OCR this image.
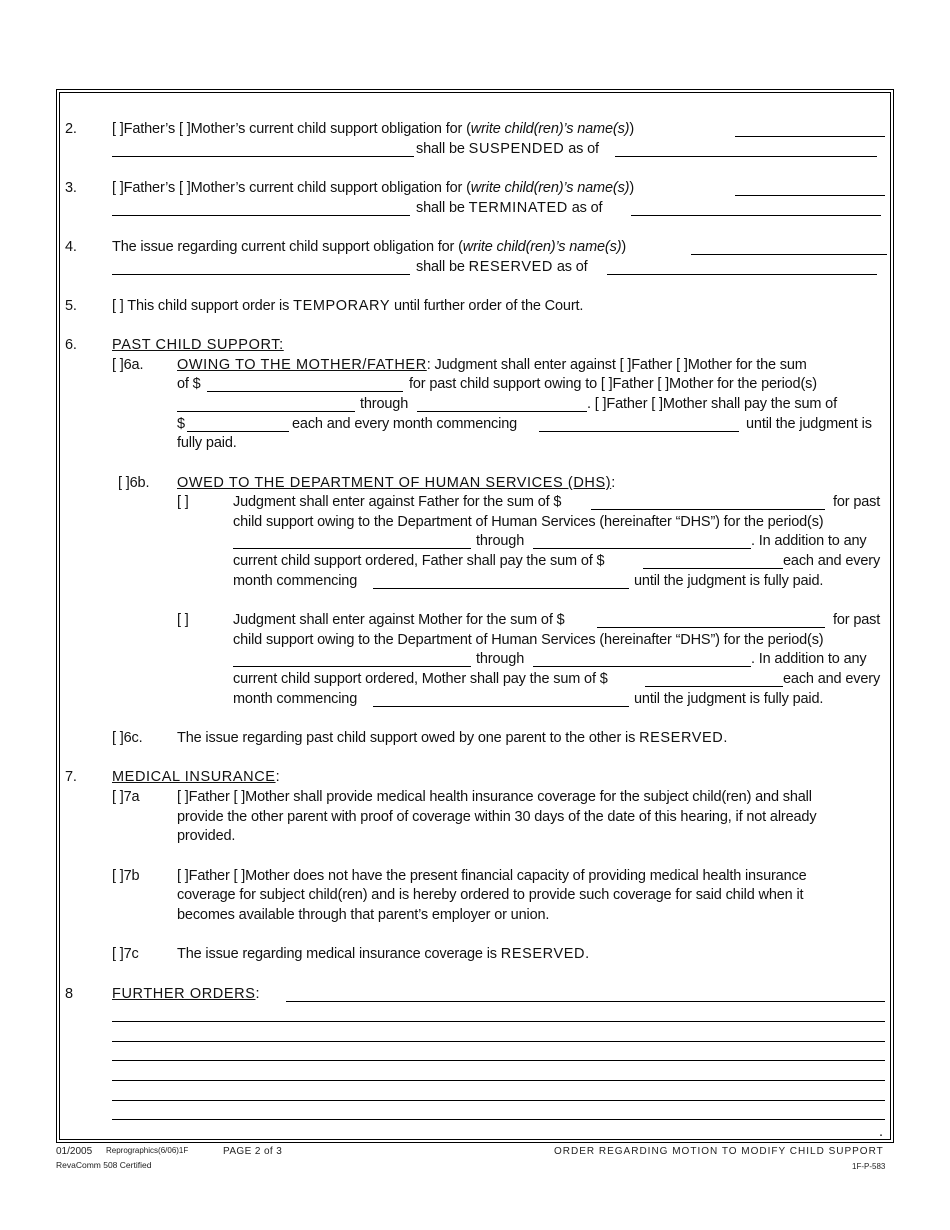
2. [ ]Father’s [ ]Mother’s current child support obligation for (write child(ren)’s name(s))
shall be SUSPENDED as of
3. [ ]Father’s [ ]Mother’s current child support obligation for (write child(ren)’s name(s))
shall be TERMINATED as of
4. The issue regarding current child support obligation for (write child(ren)’s name(s))
shall be RESERVED as of
5. [ ] This child support order is TEMPORARY until further order of the Court.
6. PAST CHILD SUPPORT:
[ ]6a. OWING TO THE MOTHER/FATHER: Judgment shall enter against [ ]Father [ ]Mother for the sum
of $	for past child support owing to [ ]Father [ ]Mother for the period(s)
through	. [ ]Father [ ]Mother shall pay the sum of
$	each and every month commencing	until the judgment is
fully paid.
[ ]6b. OWED TO THE DEPARTMENT OF HUMAN SERVICES (DHS):
[ ]	Judgment shall enter against Father for the sum of $	for past
child support owing to the Department of Human Services (hereinafter “DHS”) for the period(s)
through	. In addition to any
current child support ordered, Father shall pay the sum of $	each and every
month commencing	until the judgment is fully paid.
[ ]	Judgment shall enter against Mother for the sum of $	for past
child support owing to the Department of Human Services (hereinafter “DHS”) for the period(s)
through	. In addition to any
current child support ordered, Mother shall pay the sum of $	each and every
month commencing	until the judgment is fully paid.
[ ]6c. The issue regarding past child support owed by one parent to the other is RESERVED.
7. MEDICAL INSURANCE:
[ ]7a	[ ]Father [ ]Mother shall provide medical health insurance coverage for the subject child(ren) and shall
provide the other parent with proof of coverage within 30 days of the date of this hearing, if not already
provided.
[ ]7b	[ ]Father [ ]Mother does not have the present financial capacity of providing medical health insurance
coverage for subject child(ren) and is hereby ordered to provide such coverage for said child when it
becomes available through that parent’s employer or union.
[ ]7c	The issue regarding medical insurance coverage is RESERVED.
8	FURTHER ORDERS:
.
01/2005 Reprographics(6/06)1F	PAGE 2 of 3	ORDER REGARDING MOTION TO MODIFY CHILD SUPPORT
RevaComm 508 Certified	1F-P-583
